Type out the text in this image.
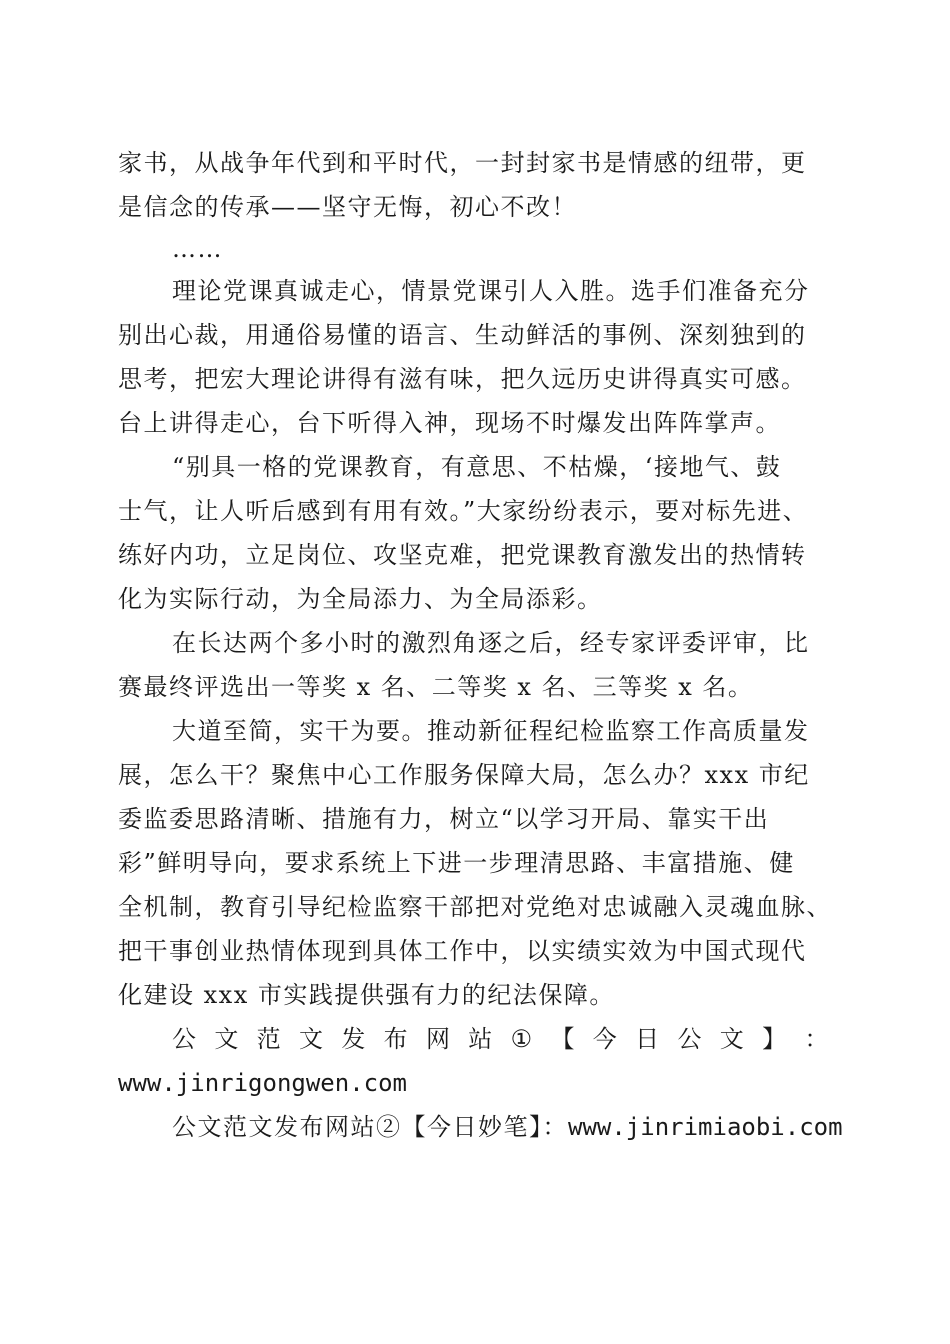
家书，从战争年代到和平时代，一封封家书是情感的纽带，更

是信念的传承——坚守无悔，初心不改！

……

理论党课真诚走心，情景党课引人入胜。选手们准备充分

别出心裁，用通俗易懂的语言、生动鲜活的事例、深刻独到的

思考，把宏大理论讲得有滋有味，把久远历史讲得真实可感。

台上讲得走心，台下听得入神，现场不时爆发出阵阵掌声。

“别具一格的党课教育，有意思、不枯燥，‘接地气、鼓

士气，让人听后感到有用有效。”大家纷纷表示，要对标先进、

练好内功，立足岗位、攻坚克难，把党课教育激发出的热情转

化为实际行动，为全局添力、为全局添彩。

在长达两个多小时的激烈角逐之后，经专家评委评审，比

赛最终评选出一等奖 x 名、二等奖 x 名、三等奖 x 名。

大道至简，实干为要。推动新征程纪检监察工作高质量发

展，怎么干？聚焦中心工作服务保障大局，怎么办？xxx 市纪

委监委思路清晰、措施有力，树立“以学习开局、靠实干出

彩”鲜明导向，要求系统上下进一步理清思路、丰富措施、健

全机制，教育引导纪检监察干部把对党绝对忠诚融入灵魂血脉、

把干事创业热情体现到具体工作中，以实绩实效为中国式现代

化建设 xxx 市实践提供强有力的纪法保障。

公 文 范 文 发 布 网 站 ① 【 今 日 公 文 】 ：

www.jinrigongwen.com

公文范文发布网站②【今日妙笔】：www.jinrimiaobi.com
